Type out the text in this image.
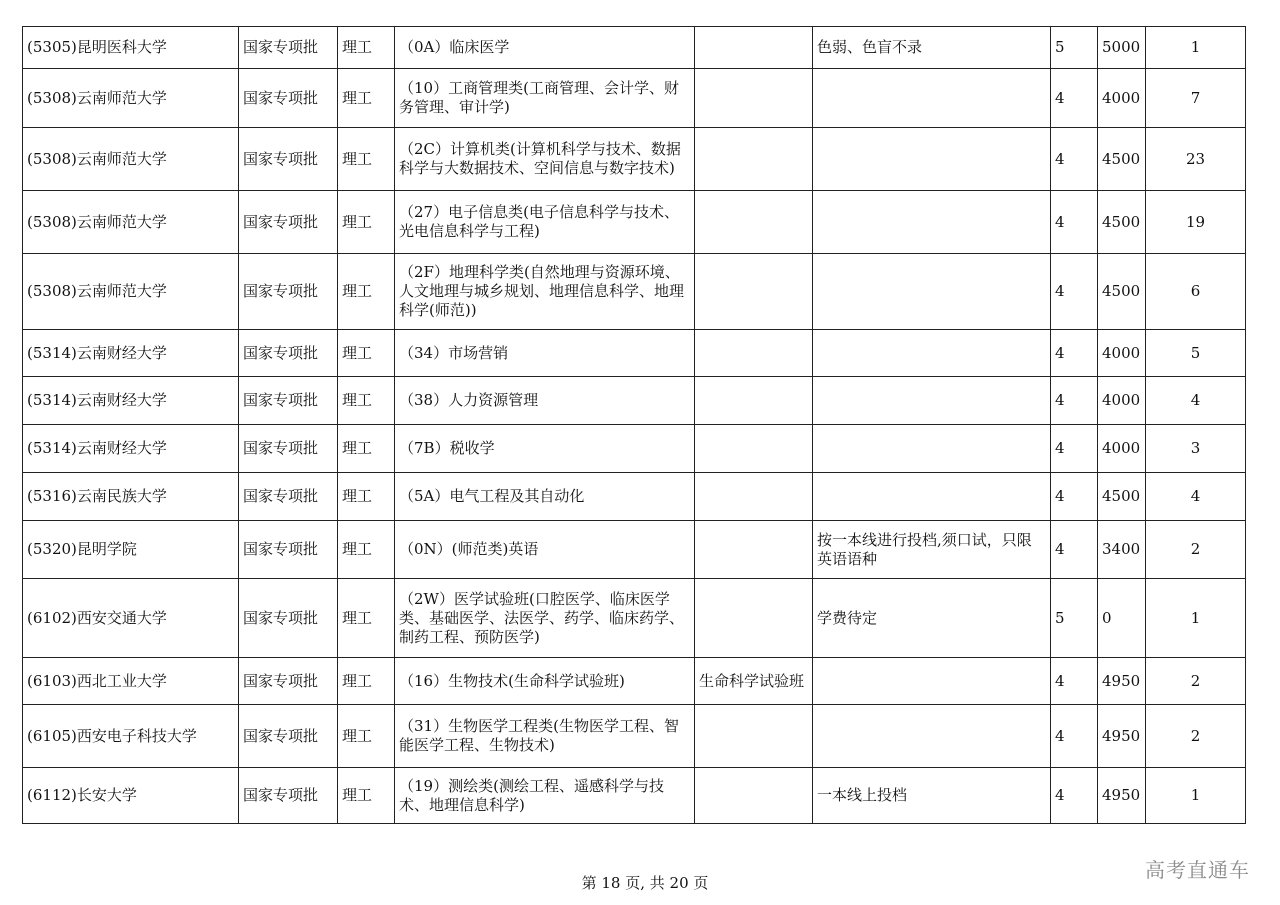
(5305)昆明医科大学	国家专项批	理工	（0A）临床医学		色弱、色盲不录	5	5000	1
(5308)云南师范大学	国家专项批	理工	（10）工商管理类(工商管理、会计学、财务管理、审计学)			4	4000	7
(5308)云南师范大学	国家专项批	理工	（2C）计算机类(计算机科学与技术、数据科学与大数据技术、空间信息与数字技术)			4	4500	23
(5308)云南师范大学	国家专项批	理工	（27）电子信息类(电子信息科学与技术、光电信息科学与工程)			4	4500	19
(5308)云南师范大学	国家专项批	理工	（2F）地理科学类(自然地理与资源环境、人文地理与城乡规划、地理信息科学、地理科学(师范))			4	4500	6
(5314)云南财经大学	国家专项批	理工	（34）市场营销			4	4000	5
(5314)云南财经大学	国家专项批	理工	（38）人力资源管理			4	4000	4
(5314)云南财经大学	国家专项批	理工	（7B）税收学			4	4000	3
(5316)云南民族大学	国家专项批	理工	（5A）电气工程及其自动化			4	4500	4
(5320)昆明学院	国家专项批	理工	（0N）(师范类)英语		按一本线进行投档,须口试，只限英语语种	4	3400	2
(6102)西安交通大学	国家专项批	理工	（2W）医学试验班(口腔医学、临床医学类、基础医学、法医学、药学、临床药学、制药工程、预防医学)		学费待定	5	0	1
(6103)西北工业大学	国家专项批	理工	（16）生物技术(生命科学试验班)	生命科学试验班		4	4950	2
(6105)西安电子科技大学	国家专项批	理工	（31）生物医学工程类(生物医学工程、智能医学工程、生物技术)			4	4950	2
(6112)长安大学	国家专项批	理工	（19）测绘类(测绘工程、遥感科学与技术、地理信息科学)		一本线上投档	4	4950	1
第 18 页, 共 20 页
高考直通车
